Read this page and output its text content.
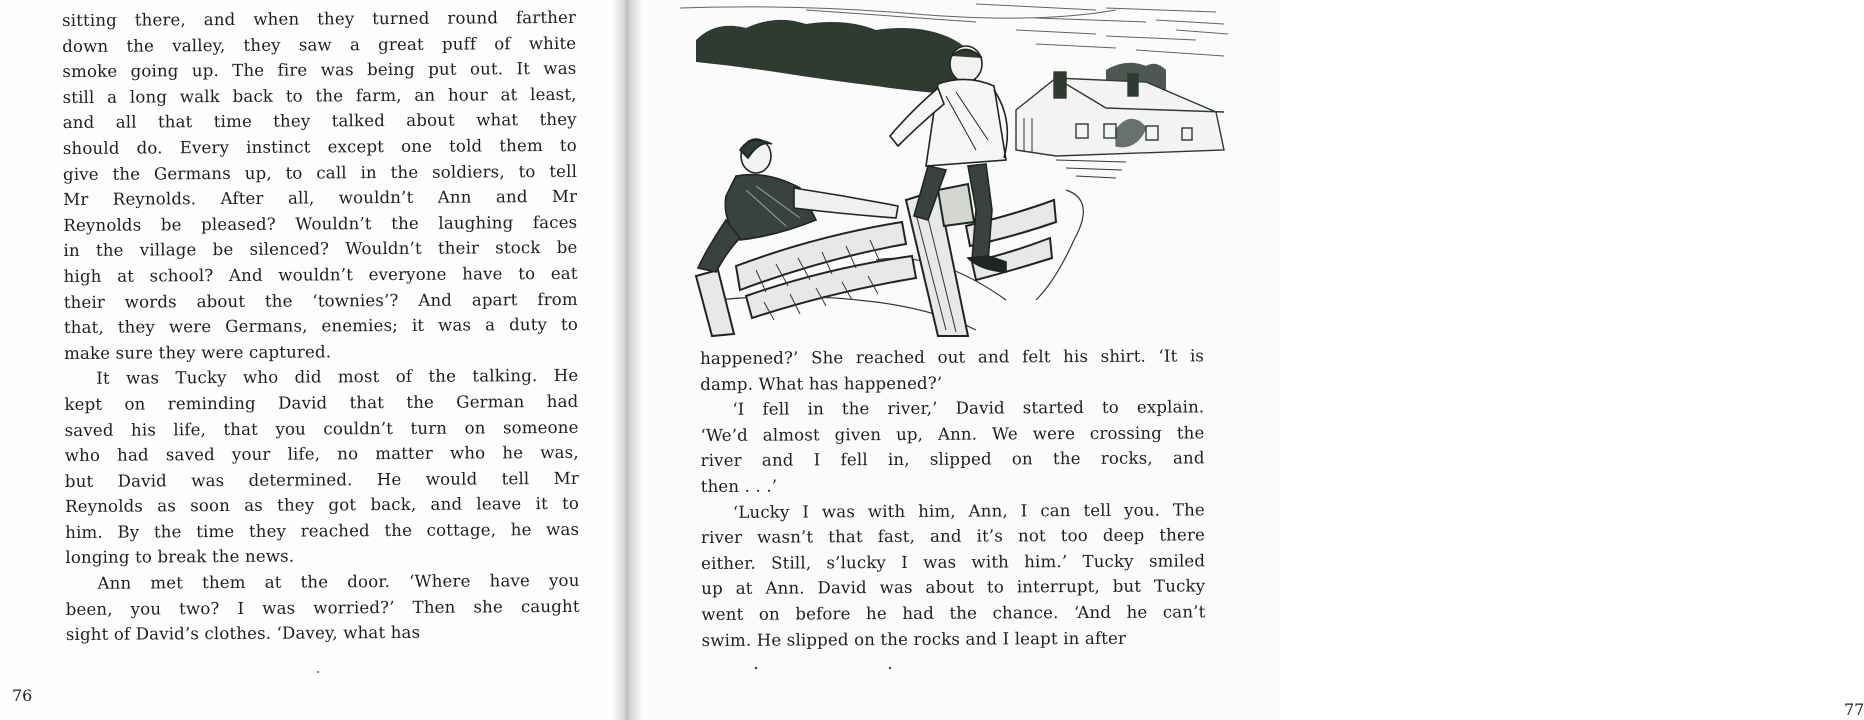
sitting there, and when they turned round farther
down the valley, they saw a great puff of white
smoke going up. The fire was being put out. It was
still a long walk back to the farm, an hour at least,
and all that time they talked about what they
should do. Every instinct except one told them to
give the Germans up, to call in the soldiers, to tell
Mr Reynolds. After all, wouldn’t Ann and Mr
Reynolds be pleased? Wouldn’t the laughing faces
in the village be silenced? Wouldn’t their stock be
high at school? And wouldn’t everyone have to eat
their words about the ‘townies’? And apart from
that, they were Germans, enemies; it was a duty to
make sure they were captured.
It was Tucky who did most of the talking. He
kept on reminding David that the German had
saved his life, that you couldn’t turn on someone
who had saved your life, no matter who he was,
but David was determined. He would tell Mr
Reynolds as soon as they got back, and leave it to
him. By the time they reached the cottage, he was
longing to break the news.
Ann met them at the door. ‘Where have you
been, you two? I was worried?’ Then she caught
sight of David’s clothes. ‘Davey, what has
76
77
happened?’ She reached out and felt his shirt. ‘It is
damp. What has happened?’
‘I fell in the river,’ David started to explain.
‘We’d almost given up, Ann. We were crossing the
river and I fell in, slipped on the rocks, and
then . . .’
‘Lucky I was with him, Ann, I can tell you. The
river wasn’t that fast, and it’s not too deep there
either. Still, s’lucky I was with him.’ Tucky smiled
up at Ann. David was about to interrupt, but Tucky
went on before he had the chance. ‘And he can’t
swim. He slipped on the rocks and I leapt in after
